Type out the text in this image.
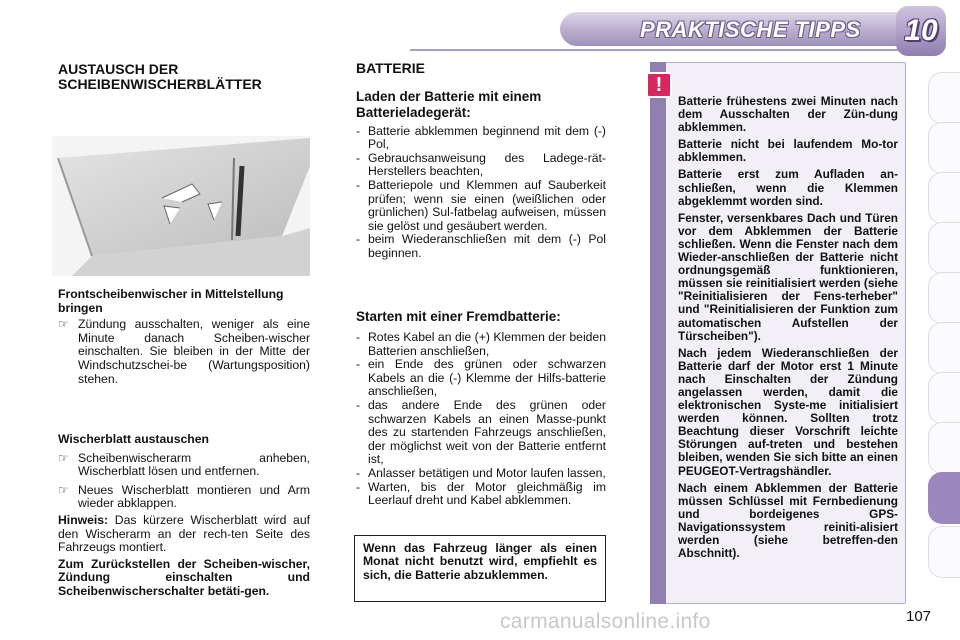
PRAKTISCHE TIPPS 10
AUSTAUSCH DER SCHEIBENWISCHERBLÄTTER
Frontscheibenwischer in Mittelstellung bringen
☞ Zündung ausschalten, weniger als eine Minute danach Scheiben-wischer einschalten. Sie bleiben in der Mitte der Windschutzschei-be (Wartungsposition) stehen.
Wischerblatt austauschen
☞ Scheibenwischerarm anheben, Wischerblatt lösen und entfernen.
☞ Neues Wischerblatt montieren und Arm wieder abklappen.
Hinweis: Das kürzere Wischerblatt wird auf den Wischerarm an der rech-ten Seite des Fahrzeugs montiert.
Zum Zurückstellen der Scheiben-wischer, Zündung einschalten und Scheibenwischerschalter betäti-gen.
BATTERIE
Laden der Batterie mit einem Batterieladegerät:
- Batterie abklemmen beginnend mit dem (-) Pol,
- Gebrauchsanweisung des Ladege-rät-Herstellers beachten,
- Batteriepole und Klemmen auf Sauberkeit prüfen; wenn sie einen (weißlichen oder grünlichen) Sul-fatbelag aufweisen, müssen sie gelöst und gesäubert werden.
- beim Wiederanschließen mit dem (-) Pol beginnen.
Starten mit einer Fremdbatterie:
- Rotes Kabel an die (+) Klemmen der beiden Batterien anschließen,
- ein Ende des grünen oder schwarzen Kabels an die (-) Klemme der Hilfs-batterie anschließen,
- das andere Ende des grünen oder schwarzen Kabels an einen Masse-punkt des zu startenden Fahrzeugs anschließen, der möglichst weit von der Batterie entfernt ist,
- Anlasser betätigen und Motor laufen lassen,
- Warten, bis der Motor gleichmäßig im Leerlauf dreht und Kabel abklemmen.
Wenn das Fahrzeug länger als einen Monat nicht benutzt wird, empfiehlt es sich, die Batterie abzuklemmen.
!

Batterie frühestens zwei Minuten nach dem Ausschalten der Zün-dung abklemmen.

Batterie nicht bei laufendem Mo-tor abklemmen.

Batterie erst zum Aufladen an-schließen, wenn die Klemmen abgeklemmt worden sind.

Fenster, versenkbares Dach und Türen vor dem Abklemmen der Batterie schließen. Wenn die Fenster nach dem Wieder-anschließen der Batterie nicht ordnungsgemäß funktionieren, müssen sie reinitialisiert werden (siehe "Reinitialisieren der Fens-terheber" und "Reinitialisieren der Funktion zum automatischen Aufstellen der Türscheiben").

Nach jedem Wiederanschließen der Batterie darf der Motor erst 1 Minute nach Einschalten der Zündung angelassen werden, damit die elektronischen Syste-me initialisiert werden können. Sollten trotz Beachtung dieser Vorschrift leichte Störungen auf-treten und bestehen bleiben, wenden Sie sich bitte an einen PEUGEOT-Vertragshändler.

Nach einem Abklemmen der Batterie müssen Schlüssel mit Fernbedienung und bordeigenes GPS-Navigationssystem reiniti-alisiert werden (siehe betreffen-den Abschnitt).

carmanualsonline.info	107
